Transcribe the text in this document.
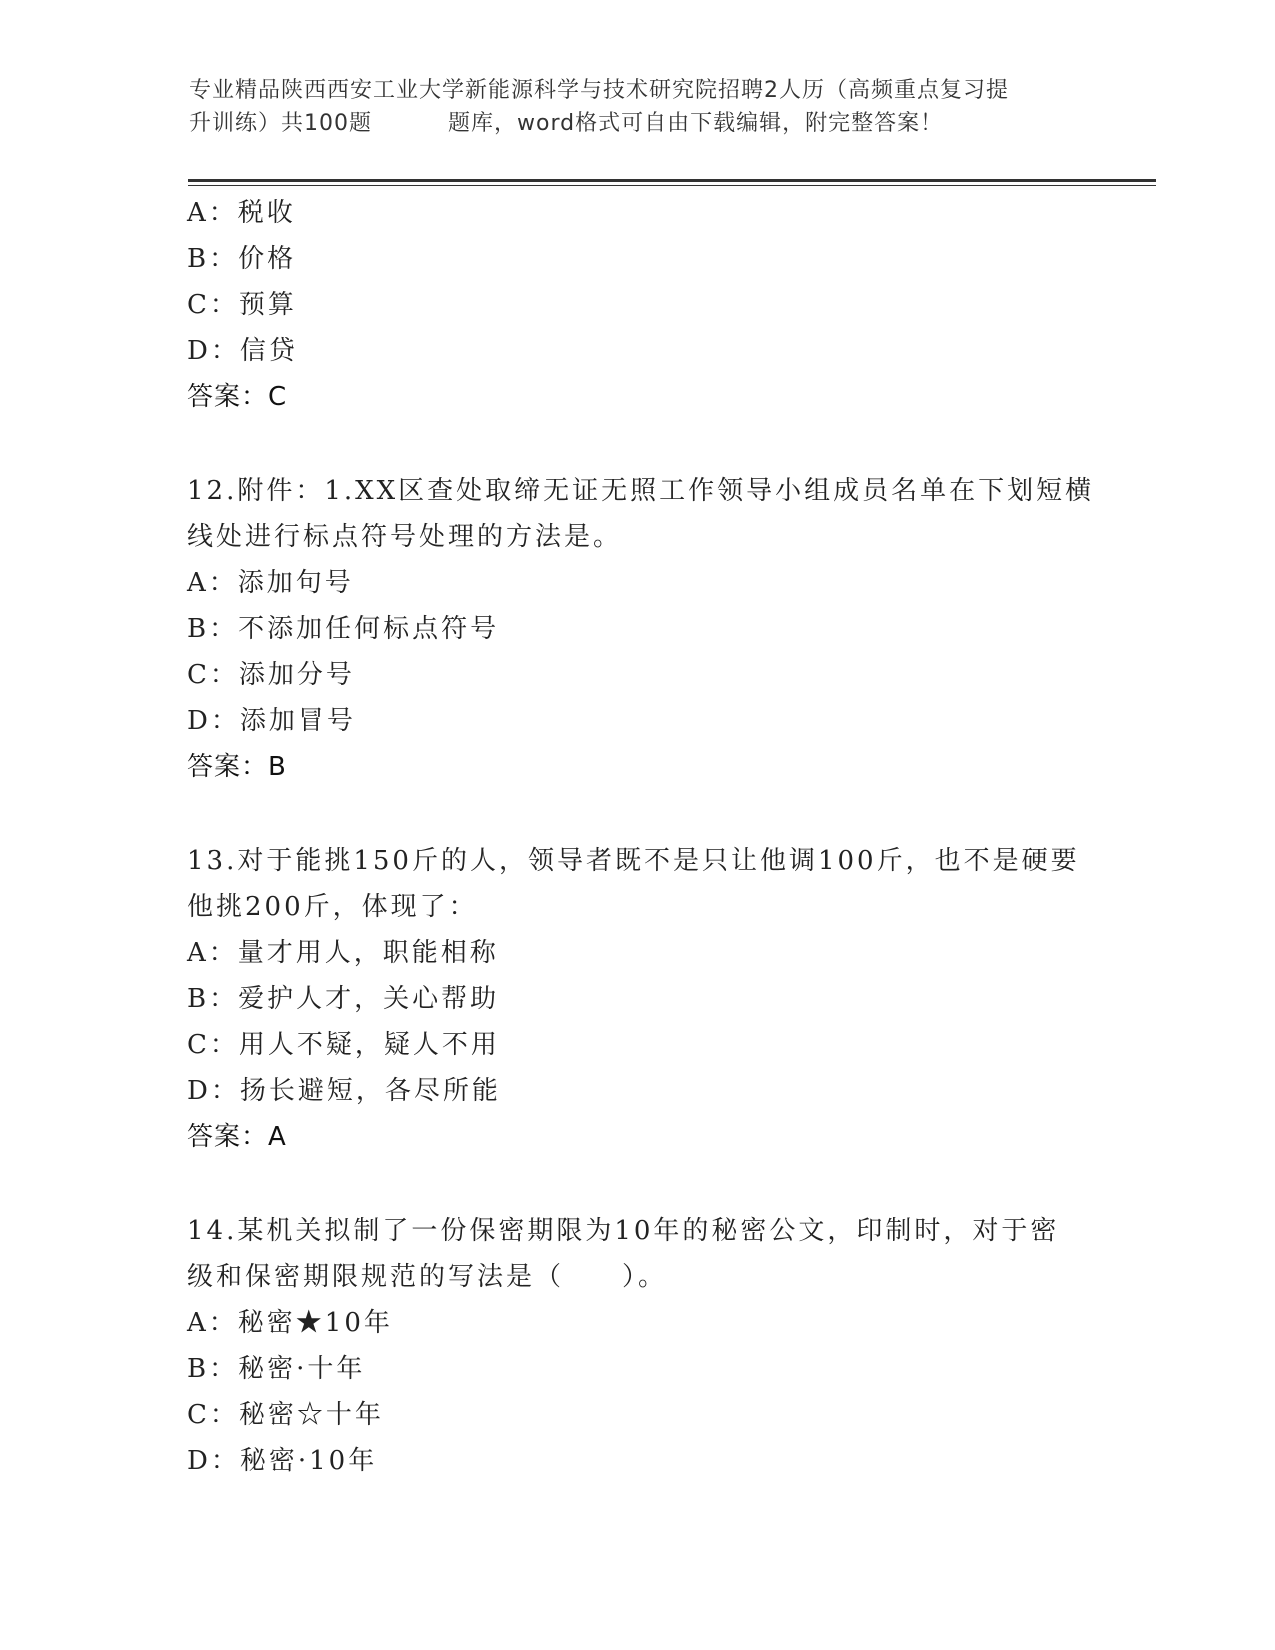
专业精品陕西西安工业大学新能源科学与技术研究院招聘2人历（高频重点复习提
升训练）共100题	题库，word格式可自由下载编辑，附完整答案！
A：税收
B：价格
C：预算
D：信贷
答案：C
12.附件：1.XX区查处取缔无证无照工作领导小组成员名单在下划短横
线处进行标点符号处理的方法是。
A：添加句号
B：不添加任何标点符号
C：添加分号
D：添加冒号
答案：B
13.对于能挑150斤的人，领导者既不是只让他调100斤，也不是硬要
他挑200斤，体现了：
A：量才用人，职能相称
B：爱护人才，关心帮助
C：用人不疑，疑人不用
D：扬长避短，各尽所能
答案：A
14.某机关拟制了一份保密期限为10年的秘密公文，印制时，对于密
级和保密期限规范的写法是（　　）。
A：秘密★10年
B：秘密·十年
C：秘密☆十年
D：秘密·10年
